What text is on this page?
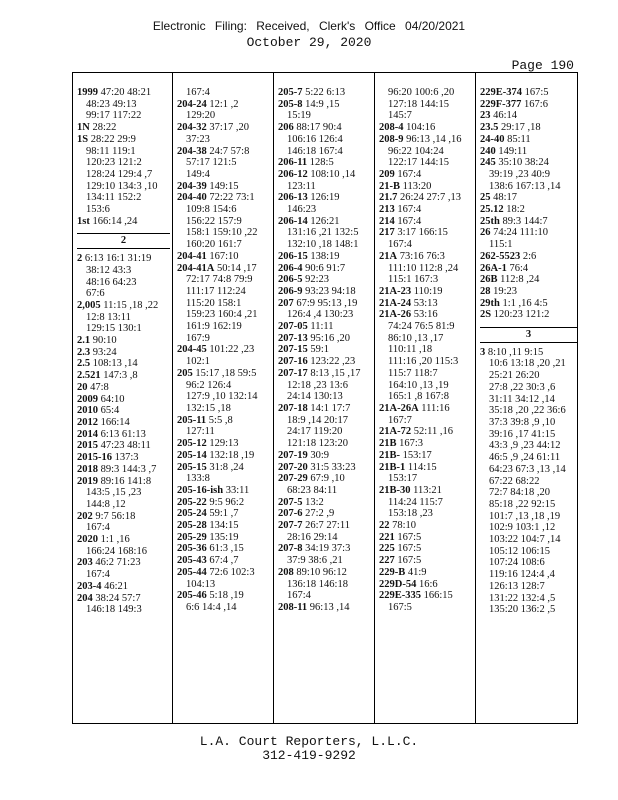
Electronic Filing: Received, Clerk's Office 04/20/2021
October 29, 2020
Page 190
1999 47:20 48:21
48:23 49:13
99:17 117:22
1N 28:22
1S 28:22 29:9
98:11 119:1
120:23 121:2
128:24 129:4 ,7
129:10 134:3 ,10
134:11 152:2
153:6
1st 166:14 ,24
2
2 6:13 16:1 31:19
38:12 43:3
48:16 64:23
67:6
2,005 11:15 ,18 ,22
12:8 13:11
129:15 130:1
2.1 90:10
2.3 93:24
2.5 108:13 ,14
2.521 147:3 ,8
20 47:8
2009 64:10
2010 65:4
2012 166:14
2014 6:13 61:13
2015 47:23 48:11
2015-16 137:3
2018 89:3 144:3 ,7
2019 89:16 141:8
143:5 ,15 ,23
144:8 ,12
202 9:7 56:18
167:4
2020 1:1 ,16
166:24 168:16
203 46:2 71:23
167:4
203-4 46:21
204 38:24 57:7
146:18 149:3
167:4
204-24 12:1 ,2
129:20
204-32 37:17 ,20
37:23
204-38 24:7 57:8
57:17 121:5
149:4
204-39 149:15
204-40 72:22 73:1
109:8 154:6
156:22 157:9
158:1 159:10 ,22
160:20 161:7
204-41 167:10
204-41A 50:14 ,17
72:17 74:8 79:9
111:17 112:24
115:20 158:1
159:23 160:4 ,21
161:9 162:19
167:9
204-45 101:22 ,23
102:1
205 15:17 ,18 59:5
96:2 126:4
127:9 ,10 132:14
132:15 ,18
205-11 5:5 ,8
127:11
205-12 129:13
205-14 132:18 ,19
205-15 31:8 ,24
133:8
205-16-ish 33:11
205-22 9:5 96:2
205-24 59:1 ,7
205-28 134:15
205-29 135:19
205-36 61:3 ,15
205-43 67:4 ,7
205-44 72:6 102:3
104:13
205-46 5:18 ,19
6:6 14:4 ,14
205-7 5:22 6:13
205-8 14:9 ,15
15:19
206 88:17 90:4
106:16 126:4
146:18 167:4
206-11 128:5
206-12 108:10 ,14
123:11
206-13 126:19
146:23
206-14 126:21
131:16 ,21 132:5
132:10 ,18 148:1
206-15 138:19
206-4 90:6 91:7
206-5 92:23
206-9 93:23 94:18
207 67:9 95:13 ,19
126:4 ,4 130:23
207-05 11:11
207-13 95:16 ,20
207-15 59:1
207-16 123:22 ,23
207-17 8:13 ,15 ,17
12:18 ,23 13:6
24:14 130:13
207-18 14:1 17:7
18:9 ,14 20:17
24:17 119:20
121:18 123:20
207-19 30:9
207-20 31:5 33:23
207-29 67:9 ,10
68:23 84:11
207-5 13:2
207-6 27:2 ,9
207-7 26:7 27:11
28:16 29:14
207-8 34:19 37:3
37:9 38:6 ,21
208 89:10 96:12
136:18 146:18
167:4
208-11 96:13 ,14
96:20 100:6 ,20
127:18 144:15
145:7
208-4 104:16
208-9 96:13 ,14 ,16
96:22 104:24
122:17 144:15
209 167:4
21-B 113:20
21.7 26:24 27:7 ,13
213 167:4
214 167:4
217 3:17 166:15
167:4
21A 73:16 76:3
111:10 112:8 ,24
115:1 167:3
21A-23 110:19
21A-24 53:13
21A-26 53:16
74:24 76:5 81:9
86:10 ,13 ,17
110:11 ,18
111:16 ,20 115:3
115:7 118:7
164:10 ,13 ,19
165:1 ,8 167:8
21A-26A 111:16
167:7
21A-72 52:11 ,16
21B 167:3
21B- 153:17
21B-1 114:15
153:17
21B-30 113:21
114:24 115:7
153:18 ,23
22 78:10
221 167:5
225 167:5
227 167:5
229-B 41:9
229D-54 16:6
229E-335 166:15
167:5
229E-374 167:5
229F-377 167:6
23 46:14
23.5 29:17 ,18
24-40 85:11
240 149:11
245 35:10 38:24
39:19 ,23 40:9
138:6 167:13 ,14
25 48:17
25.12 18:2
25th 89:3 144:7
26 74:24 111:10
115:1
262-5523 2:6
26A-1 76:4
26B 112:8 ,24
28 19:23
29th 1:1 ,16 4:5
2S 120:23 121:2
3
3 8:10 ,11 9:15
10:6 13:18 ,20 ,21
25:21 26:20
27:8 ,22 30:3 ,6
31:11 34:12 ,14
35:18 ,20 ,22 36:6
37:3 39:8 ,9 ,10
39:16 ,17 41:15
43:3 ,9 ,23 44:12
46:5 ,9 ,24 61:11
64:23 67:3 ,13 ,14
67:22 68:22
72:7 84:18 ,20
85:18 ,22 92:15
101:7 ,13 ,18 ,19
102:9 103:1 ,12
103:22 104:7 ,14
105:12 106:15
107:24 108:6
119:16 124:4 ,4
126:13 128:7
131:22 132:4 ,5
135:20 136:2 ,5
L.A. Court Reporters, L.L.C.
312-419-9292
